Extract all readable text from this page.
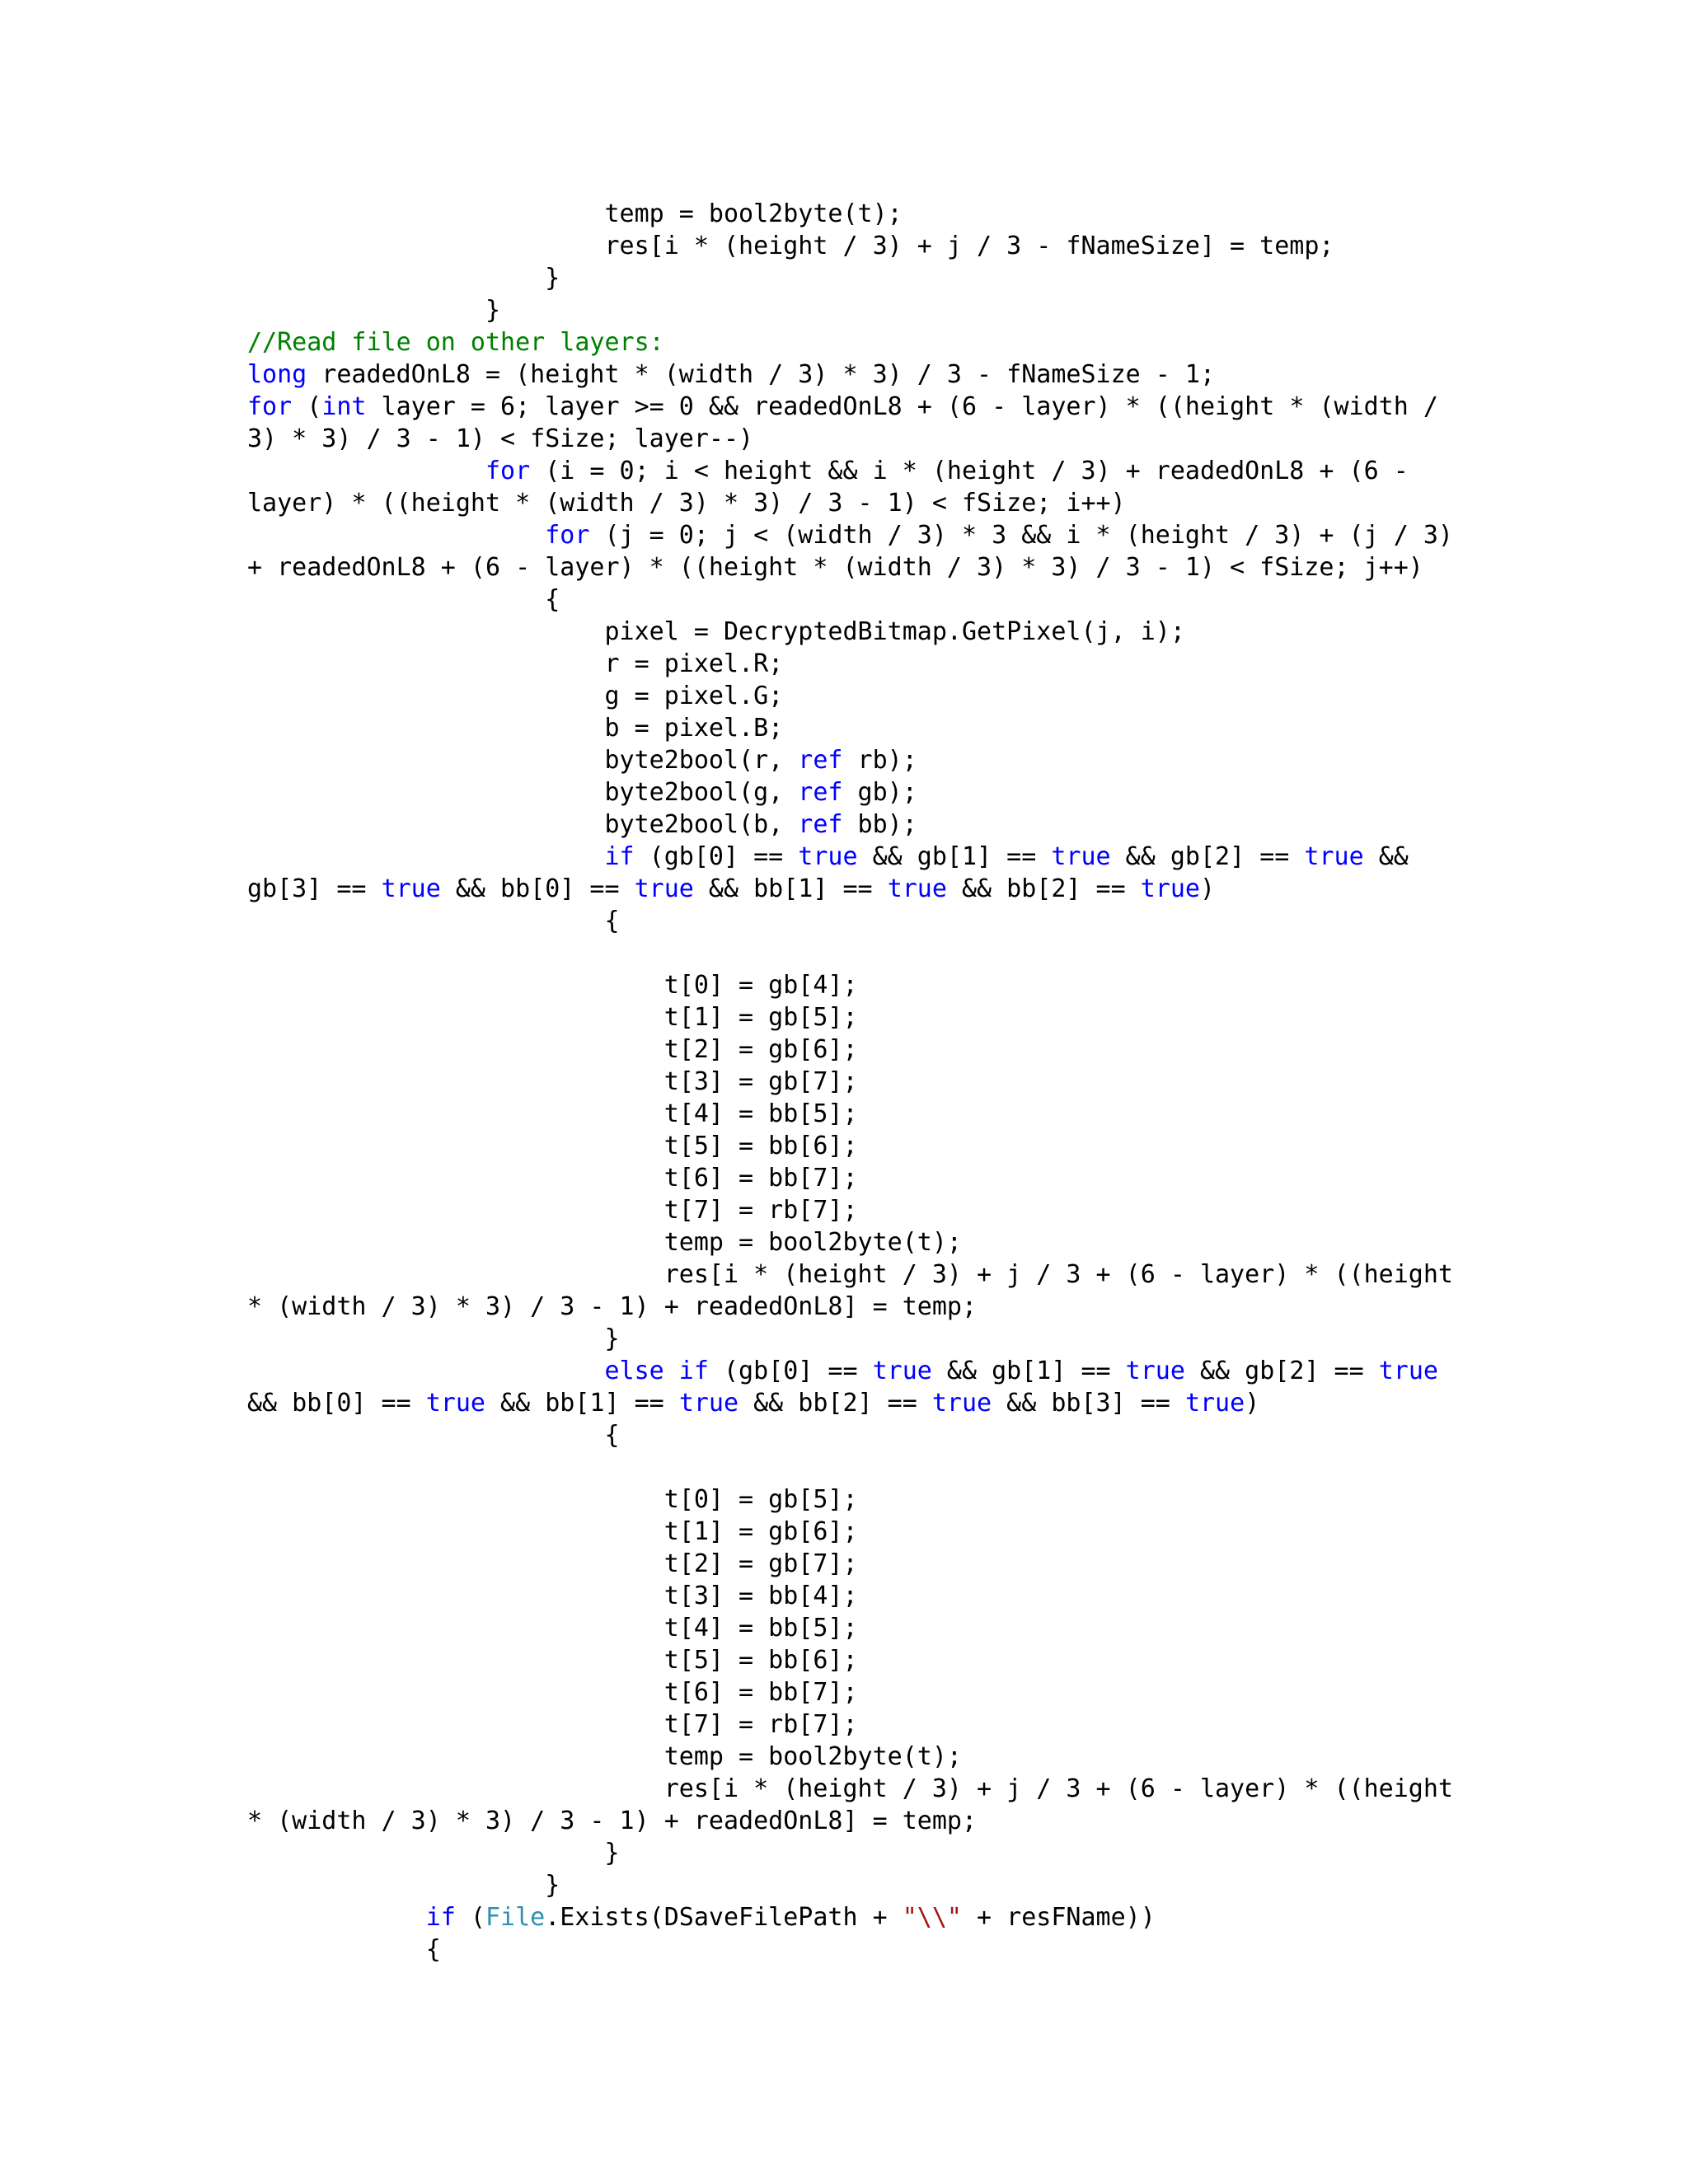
temp = bool2byte(t);
res[i * (height / 3) + j / 3 - fNameSize] = temp;
}
}
//Read file on other layers:
long readedOnL8 = (height * (width / 3) * 3) / 3 - fNameSize - 1;
for (int layer = 6; layer >= 0 && readedOnL8 + (6 - layer) * ((height * (width /
3) * 3) / 3 - 1) < fSize; layer--)
for (i = 0; i < height && i * (height / 3) + readedOnL8 + (6 -
layer) * ((height * (width / 3) * 3) / 3 - 1) < fSize; i++)
for (j = 0; j < (width / 3) * 3 && i * (height / 3) + (j / 3)
+ readedOnL8 + (6 - layer) * ((height * (width / 3) * 3) / 3 - 1) < fSize; j++)
{
pixel = DecryptedBitmap.GetPixel(j, i);
r = pixel.R;
g = pixel.G;
b = pixel.B;
byte2bool(r, ref rb);
byte2bool(g, ref gb);
byte2bool(b, ref bb);
if (gb[0] == true && gb[1] == true && gb[2] == true &&
gb[3] == true && bb[0] == true && bb[1] == true && bb[2] == true)
{
t[0] = gb[4];
t[1] = gb[5];
t[2] = gb[6];
t[3] = gb[7];
t[4] = bb[5];
t[5] = bb[6];
t[6] = bb[7];
t[7] = rb[7];
temp = bool2byte(t);
res[i * (height / 3) + j / 3 + (6 - layer) * ((height
* (width / 3) * 3) / 3 - 1) + readedOnL8] = temp;
}
else if (gb[0] == true && gb[1] == true && gb[2] == true
&& bb[0] == true && bb[1] == true && bb[2] == true && bb[3] == true)
{
t[0] = gb[5];
t[1] = gb[6];
t[2] = gb[7];
t[3] = bb[4];
t[4] = bb[5];
t[5] = bb[6];
t[6] = bb[7];
t[7] = rb[7];
temp = bool2byte(t);
res[i * (height / 3) + j / 3 + (6 - layer) * ((height
* (width / 3) * 3) / 3 - 1) + readedOnL8] = temp;
}
}
if (File.Exists(DSaveFilePath + "\\" + resFName))
{
